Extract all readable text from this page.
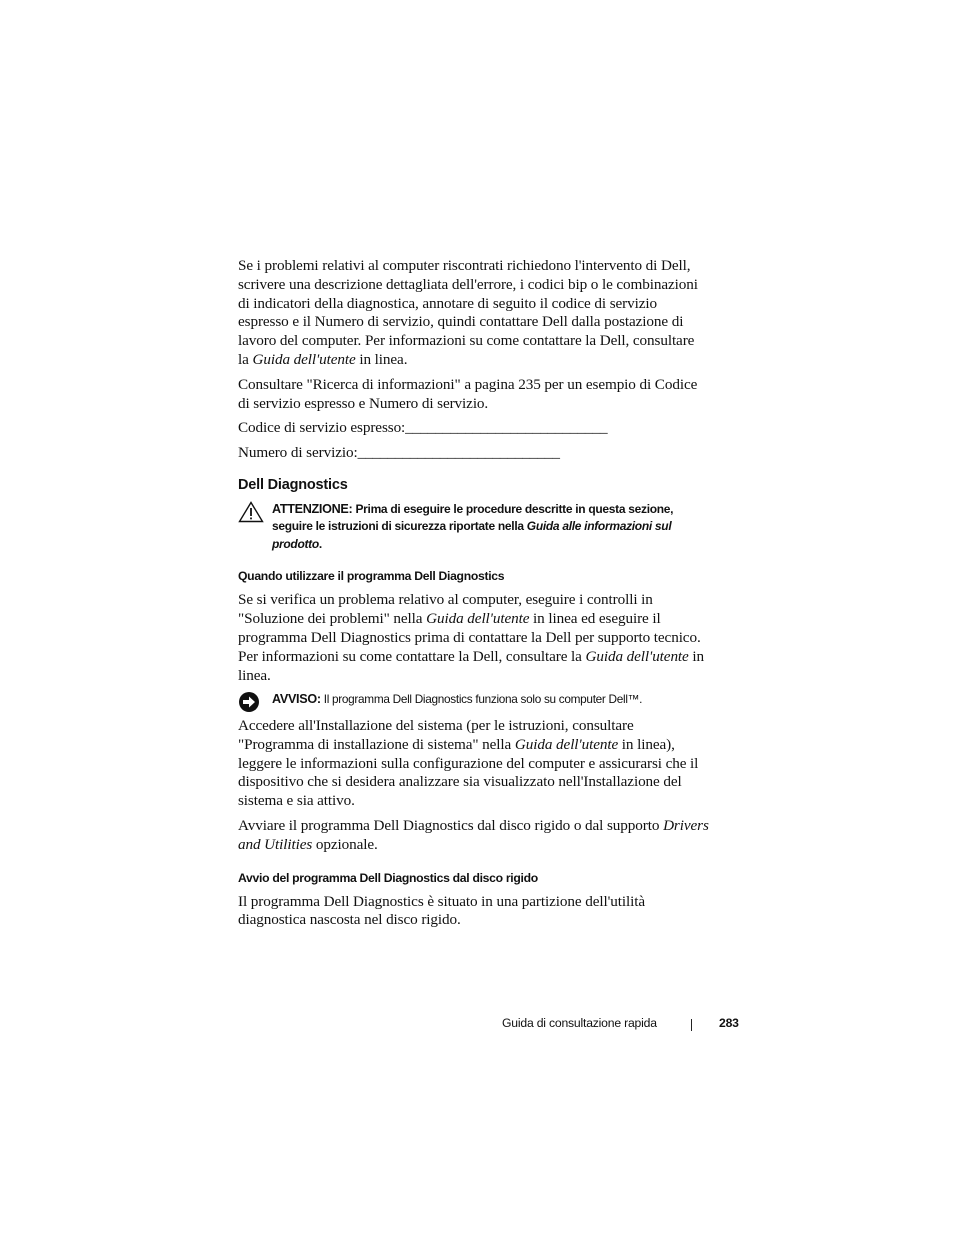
Se i problemi relativi al computer riscontrati richiedono l'intervento di Dell,
scrivere una descrizione dettagliata dell'errore, i codici bip o le combinazioni
di indicatori della diagnostica, annotare di seguito il codice di servizio
espresso e il Numero di servizio, quindi contattare Dell dalla postazione di
lavoro del computer. Per informazioni su come contattare la Dell, consultare
la Guida dell'utente in linea.

Consultare "Ricerca di informazioni" a pagina 235 per un esempio di Codice
di servizio espresso e Numero di servizio.

Codice di servizio espresso:___________________________

Numero di servizio:___________________________

Dell Diagnostics
ATTENZIONE: Prima di eseguire le procedure descritte in questa sezione,
seguire le istruzioni di sicurezza riportate nella Guida alle informazioni sul
prodotto.
Quando utilizzare il programma Dell Diagnostics

Se si verifica un problema relativo al computer, eseguire i controlli in
"Soluzione dei problemi" nella Guida dell'utente in linea ed eseguire il
programma Dell Diagnostics prima di contattare la Dell per supporto tecnico.
Per informazioni su come contattare la Dell, consultare la Guida dell'utente in
linea.

AVVISO: Il programma Dell Diagnostics funziona solo su computer Dell™.

Accedere all'Installazione del sistema (per le istruzioni, consultare
"Programma di installazione di sistema" nella Guida dell'utente in linea),
leggere le informazioni sulla configurazione del computer e assicurarsi che il
dispositivo che si desidera analizzare sia visualizzato nell'Installazione del
sistema e sia attivo.

Avviare il programma Dell Diagnostics dal disco rigido o dal supporto Drivers
and Utilities opzionale.

Avvio del programma Dell Diagnostics dal disco rigido

Il programma Dell Diagnostics è situato in una partizione dell'utilità
diagnostica nascosta nel disco rigido.

Guida di consultazione rapida	283
